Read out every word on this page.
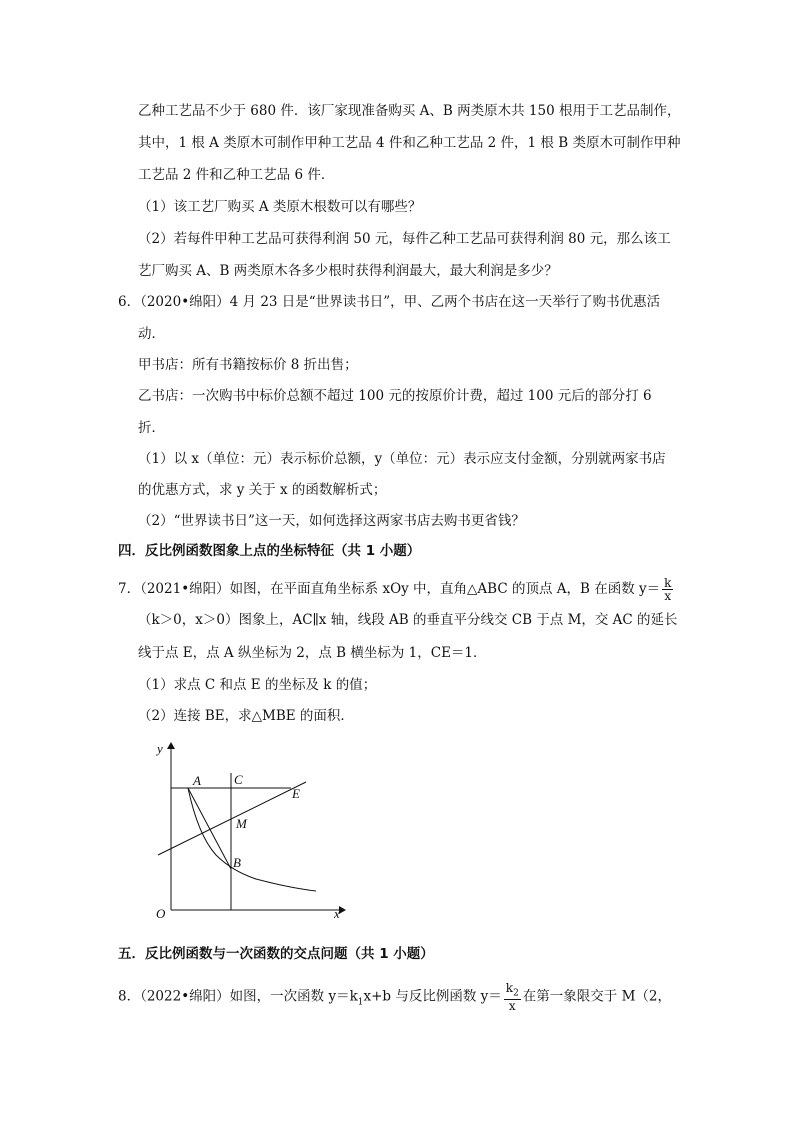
乙种工艺品不少于 680 件．该厂家现准备购买 A、B 两类原木共 150 根用于工艺品制作，
其中，1 根 A 类原木可制作甲种工艺品 4 件和乙种工艺品 2 件，1 根 B 类原木可制作甲种
工艺品 2 件和乙种工艺品 6 件．
（1）该工艺厂购买 A 类原木根数可以有哪些？
（2）若每件甲种工艺品可获得利润 50 元，每件乙种工艺品可获得利润 80 元，那么该工
艺厂购买 A、B 两类原木各多少根时获得利润最大，最大利润是多少？
6．（2020•绵阳）4 月 23 日是“世界读书日”，甲、乙两个书店在这一天举行了购书优惠活
动．
甲书店：所有书籍按标价 8 折出售；
乙书店：一次购书中标价总额不超过 100 元的按原价计费，超过 100 元后的部分打 6
折．
（1）以 x（单位：元）表示标价总额，y（单位：元）表示应支付金额，分别就两家书店
的优惠方式，求 y 关于 x 的函数解析式；
（2）“世界读书日”这一天，如何选择这两家书店去购书更省钱？
四．反比例函数图象上点的坐标特征（共 1 小题）
7．（2021•绵阳）如图，在平面直角坐标系 xOy 中，直角△ABC 的顶点 A，B 在函数 $y= \frac{k}{x}$
（k＞0，x＞0）图象上，AC∥x 轴，线段 AB 的垂直平分线交 CB 于点 M，交 AC 的延长
线于点 E，点 A 纵坐标为 2，点 B 横坐标为 1，CE＝1．
（1）求点 C 和点 E 的坐标及 k 的值；
（2）连接 BE，求△MBE 的面积．
y
x
O
A	C
E
M
B
五．反比例函数与一次函数的交点问题（共 1 小题）
8．（2022•绵阳）如图，一次函数 $y=k_1x+b$ 与反比例函数 $y= \frac{k_2}{x}$ 在第一象限交于 M（2，
